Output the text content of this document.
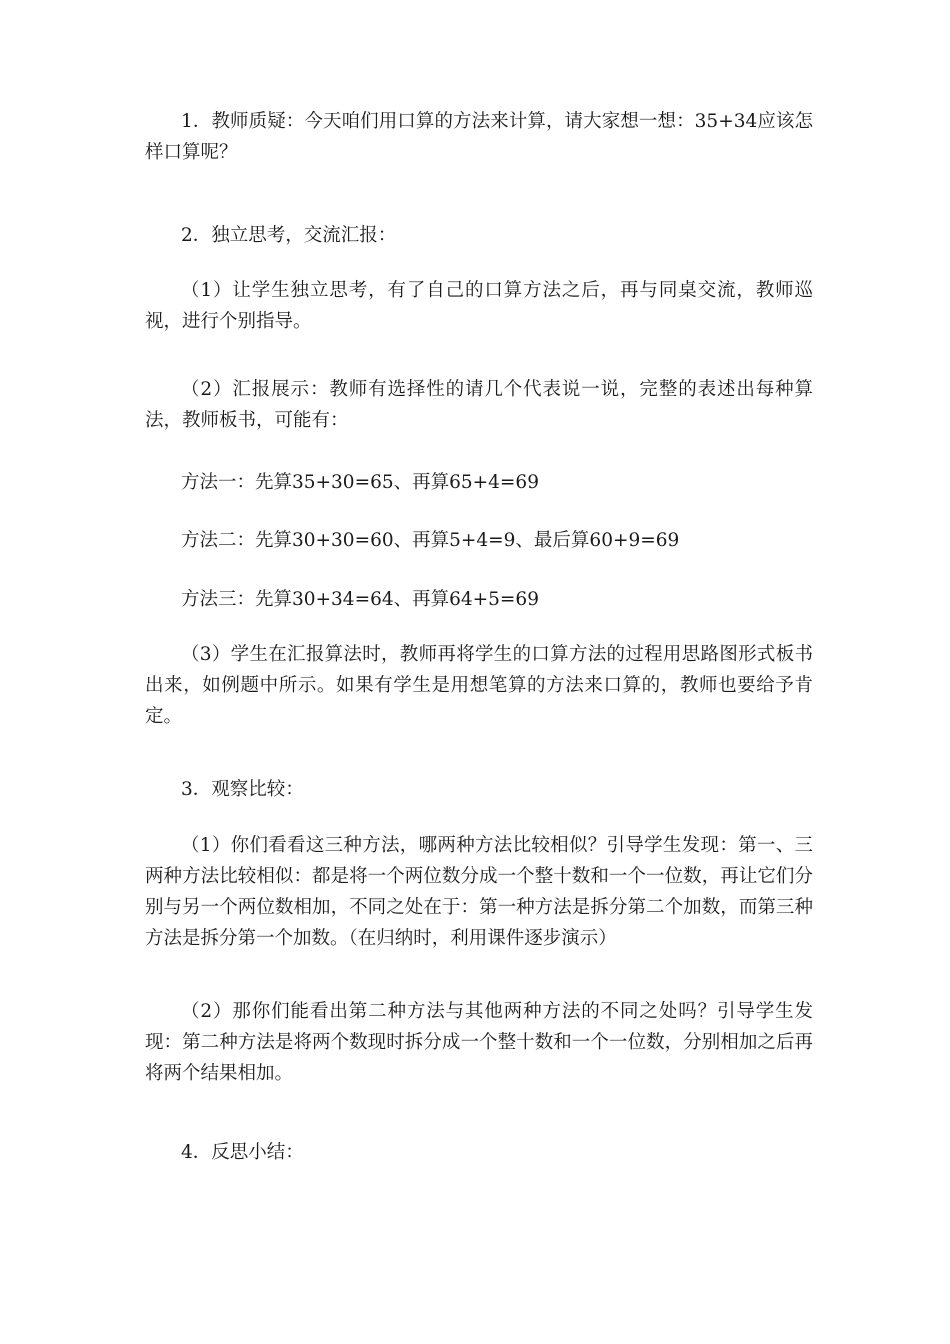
1．教师质疑：今天咱们用口算的方法来计算，请大家想一想：35+34应该怎样口算呢？

2．独立思考，交流汇报：

（1）让学生独立思考，有了自己的口算方法之后，再与同桌交流，教师巡视，进行个别指导。

（2）汇报展示：教师有选择性的请几个代表说一说，完整的表述出每种算法，教师板书，可能有：

方法一：先算35+30=65、再算65+4=69

方法二：先算30+30=60、再算5+4=9、最后算60+9=69

方法三：先算30+34=64、再算64+5=69

（3）学生在汇报算法时，教师再将学生的口算方法的过程用思路图形式板书出来，如例题中所示。如果有学生是用想笔算的方法来口算的，教师也要给予肯定。

3．观察比较：

（1）你们看看这三种方法，哪两种方法比较相似？引导学生发现：第一、三两种方法比较相似：都是将一个两位数分成一个整十数和一个一位数，再让它们分别与另一个两位数相加，不同之处在于：第一种方法是拆分第二个加数，而第三种方法是拆分第一个加数。（在归纳时，利用课件逐步演示）

（2）那你们能看出第二种方法与其他两种方法的不同之处吗？引导学生发现：第二种方法是将两个数现时拆分成一个整十数和一个一位数，分别相加之后再将两个结果相加。

4．反思小结：
